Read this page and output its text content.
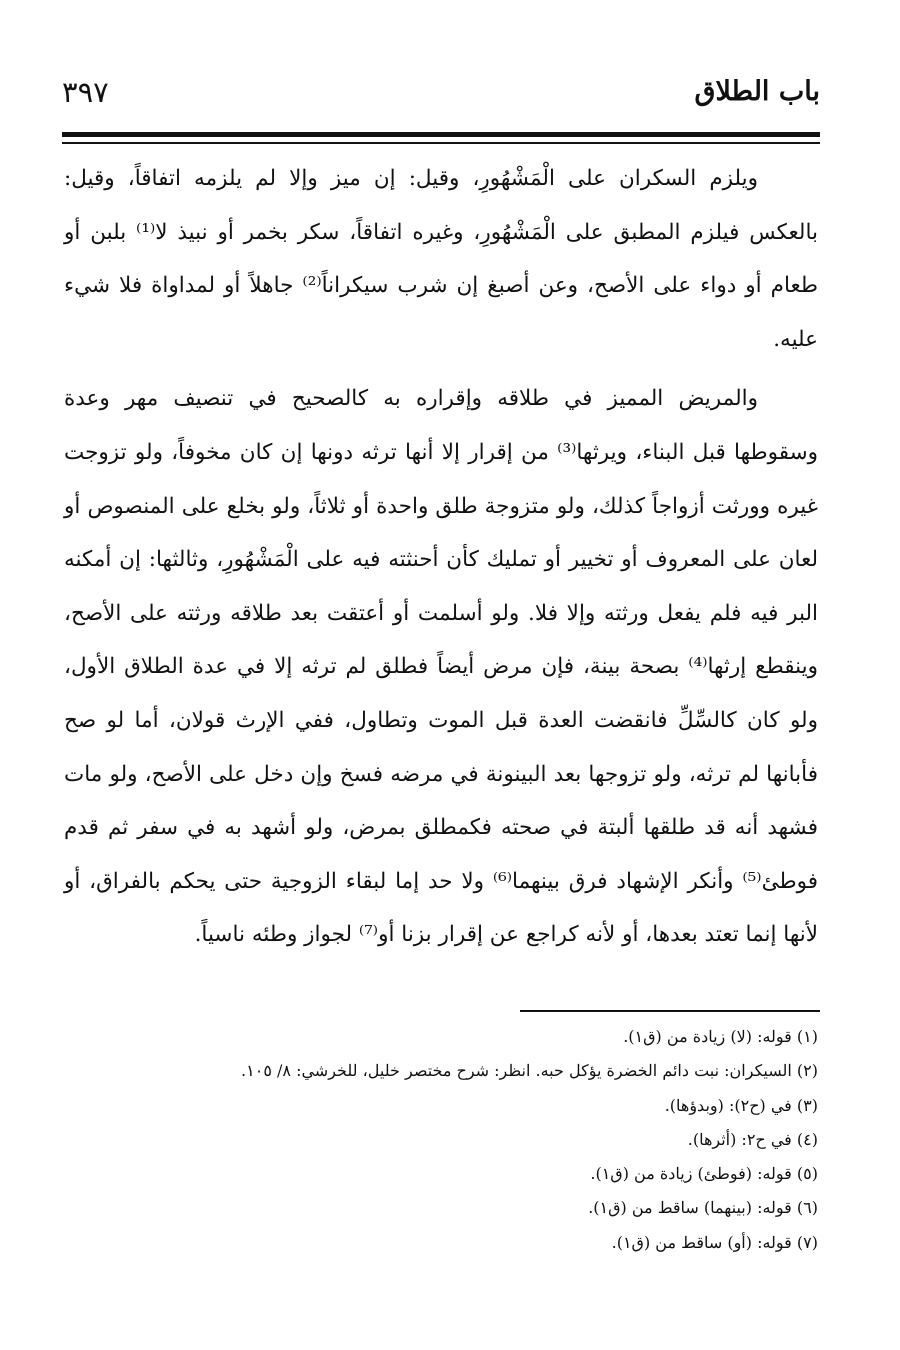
باب الطلاق
٣٩٧

ويلزم السكران على الْمَشْهُورِ، وقيل: إن ميز وإلا لم يلزمه اتفاقاً، وقيل: بالعكس فيلزم المطبق على الْمَشْهُورِ، وغيره اتفاقاً، سكر بخمر أو نبيذ لا⁽¹⁾ بلبن أو طعام أو دواء على الأصح، وعن أصبغ إن شرب سيكراناً⁽²⁾ جاهلاً أو لمداواة فلا شيء عليه.

والمريض المميز في طلاقه وإقراره به كالصحيح في تنصيف مهر وعدة وسقوطها قبل البناء، ويرثها⁽³⁾ من إقرار إلا أنها ترثه دونها إن كان مخوفاً، ولو تزوجت غيره وورثت أزواجاً كذلك، ولو متزوجة طلق واحدة أو ثلاثاً، ولو بخلع على المنصوص أو لعان على المعروف أو تخيير أو تمليك كأن أحنثته فيه على الْمَشْهُورِ، وثالثها: إن أمكنه البر فيه فلم يفعل ورثته وإلا فلا. ولو أسلمت أو أعتقت بعد طلاقه ورثته على الأصح، وينقطع إرثها⁽⁴⁾ بصحة بينة، فإن مرض أيضاً فطلق لم ترثه إلا في عدة الطلاق الأول، ولو كان كالسِّلِّ فانقضت العدة قبل الموت وتطاول، ففي الإرث قولان، أما لو صح فأبانها لم ترثه، ولو تزوجها بعد البينونة في مرضه فسخ وإن دخل على الأصح، ولو مات فشهد أنه قد طلقها ألبتة في صحته فكمطلق بمرض، ولو أشهد به في سفر ثم قدم فوطئ⁽⁵⁾ وأنكر الإشهاد فرق بينهما⁽⁶⁾ ولا حد إما لبقاء الزوجية حتى يحكم بالفراق، أو لأنها إنما تعتد بعدها، أو لأنه كراجع عن إقرار بزنا أو⁽⁷⁾ لجواز وطئه ناسياً.

(١) قوله: (لا) زيادة من (ق١).
(٢) السيكران: نبت دائم الخضرة يؤكل حبه. انظر: شرح مختصر خليل، للخرشي: ٨/ ١٠٥.
(٣) في (ح٢): (وبدؤها).
(٤) في ح٢: (أثرها).
(٥) قوله: (فوطئ) زيادة من (ق١).
(٦) قوله: (بينهما) ساقط من (ق١).
(٧) قوله: (أو) ساقط من (ق١).
